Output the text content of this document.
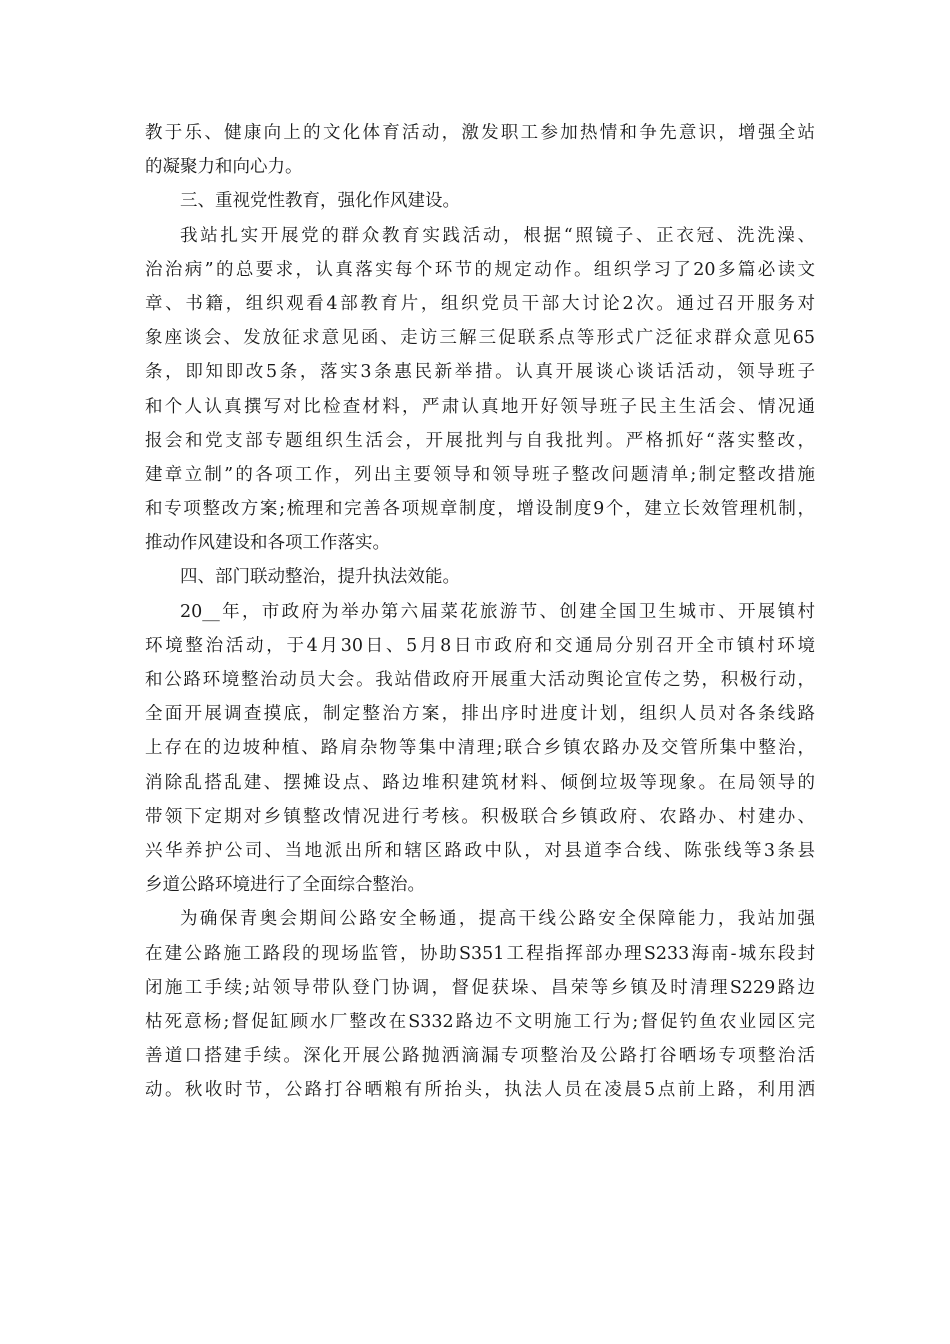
教于乐、健康向上的文化体育活动，激发职工参加热情和争先意识，增强全站
的凝聚力和向心力。
三、重视党性教育，强化作风建设。
我站扎实开展党的群众教育实践活动，根据“照镜子、正衣冠、洗洗澡、
治治病”的总要求，认真落实每个环节的规定动作。组织学习了20多篇必读文
章、书籍，组织观看4部教育片，组织党员干部大讨论2次。通过召开服务对
象座谈会、发放征求意见函、走访三解三促联系点等形式广泛征求群众意见65
条，即知即改5条，落实3条惠民新举措。认真开展谈心谈话活动，领导班子
和个人认真撰写对比检查材料，严肃认真地开好领导班子民主生活会、情况通
报会和党支部专题组织生活会，开展批判与自我批判。严格抓好“落实整改，
建章立制”的各项工作，列出主要领导和领导班子整改问题清单;制定整改措施
和专项整改方案;梳理和完善各项规章制度，增设制度9个，建立长效管理机制，
推动作风建设和各项工作落实。
四、部门联动整治，提升执法效能。
20__年，市政府为举办第六届菜花旅游节、创建全国卫生城市、开展镇村
环境整治活动，于4月30日、5月8日市政府和交通局分别召开全市镇村环境
和公路环境整治动员大会。我站借政府开展重大活动舆论宣传之势，积极行动，
全面开展调查摸底，制定整治方案，排出序时进度计划，组织人员对各条线路
上存在的边坡种植、路肩杂物等集中清理;联合乡镇农路办及交管所集中整治，
消除乱搭乱建、摆摊设点、路边堆积建筑材料、倾倒垃圾等现象。在局领导的
带领下定期对乡镇整改情况进行考核。积极联合乡镇政府、农路办、村建办、
兴华养护公司、当地派出所和辖区路政中队，对县道李合线、陈张线等3条县
乡道公路环境进行了全面综合整治。
为确保青奥会期间公路安全畅通，提高干线公路安全保障能力，我站加强
在建公路施工路段的现场监管，协助S351工程指挥部办理S233海南-城东段封
闭施工手续;站领导带队登门协调，督促获垛、昌荣等乡镇及时清理S229路边
枯死意杨;督促缸顾水厂整改在S332路边不文明施工行为;督促钓鱼农业园区完
善道口搭建手续。深化开展公路抛洒滴漏专项整治及公路打谷晒场专项整治活
动。秋收时节，公路打谷晒粮有所抬头，执法人员在凌晨5点前上路，利用洒
